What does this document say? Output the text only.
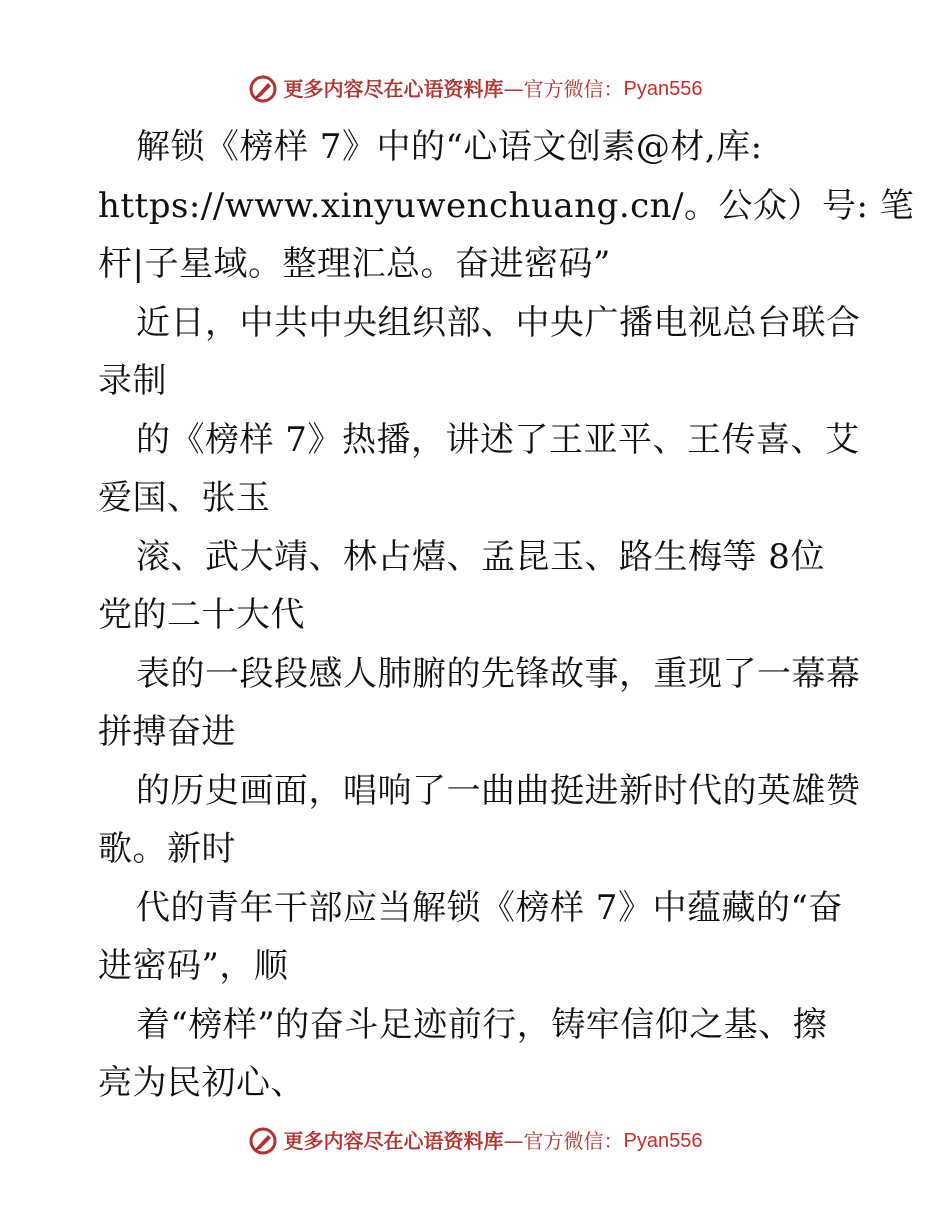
更多内容尽在心语资料库 — 官方微信： Pyan556
解锁《榜样 7》中的“心语文创素@材,库:
https://www.xinyuwenchuang.cn/。公众）号: 笔
杆|子星域。整理汇总。奋进密码”
近日，中共中央组织部、中央广播电视总台联合
录制
的《榜样 7》热播，讲述了王亚平、王传喜、艾
爱国、张玉
滚、武大靖、林占熺、孟昆玉、路生梅等 8位
党的二十大代
表的一段段感人肺腑的先锋故事，重现了一幕幕
拼搏奋进
的历史画面，唱响了一曲曲挺进新时代的英雄赞
歌。新时
代的青年干部应当解锁《榜样 7》中蕴藏的“奋
进密码”，顺
着“榜样”的奋斗足迹前行，铸牢信仰之基、擦
亮为民初心、
更多内容尽在心语资料库 — 官方微信： Pyan556
